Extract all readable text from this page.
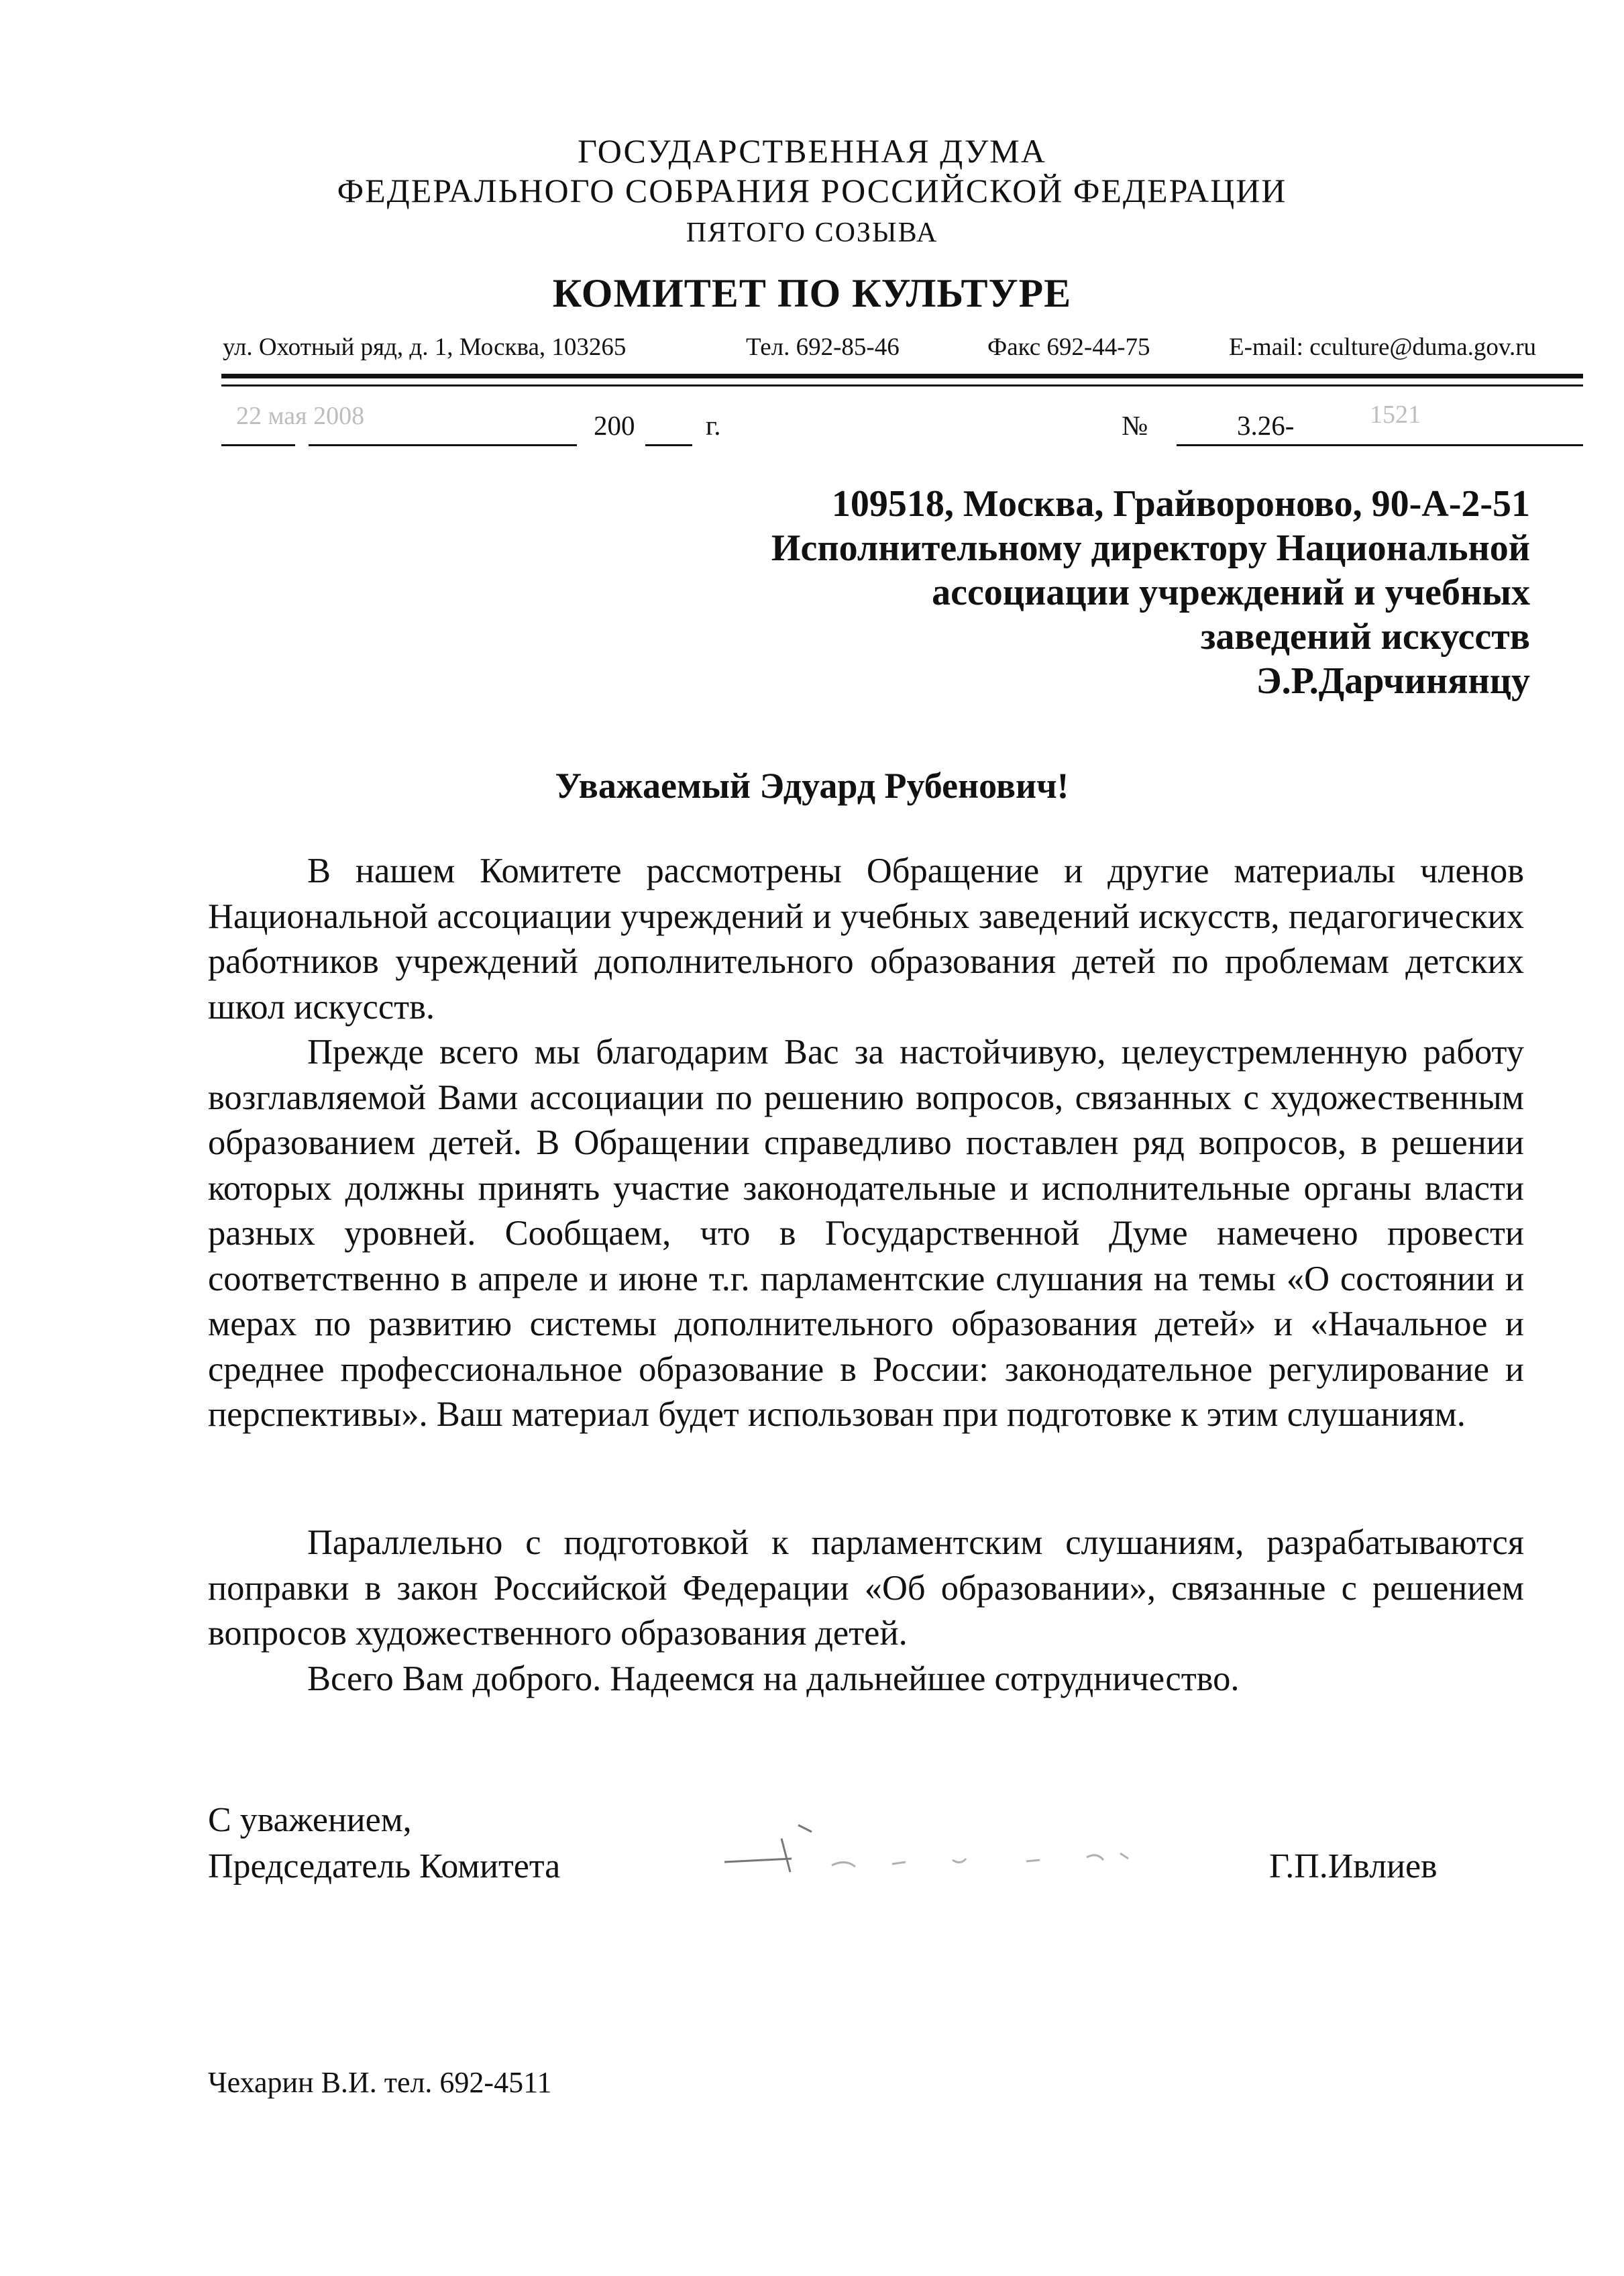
ГОСУДАРСТВЕННАЯ ДУМА
ФЕДЕРАЛЬНОГО СОБРАНИЯ РОССИЙСКОЙ ФЕДЕРАЦИИ
ПЯТОГО СОЗЫВА
КОМИТЕТ ПО КУЛЬТУРЕ
ул. Охотный ряд, д. 1, Москва, 103265	Тел. 692-85-46	Факс 692-44-75	E-mail: cculture@duma.gov.ru
22 мая 2008	200	г.	№	3.26-	1521
109518, Москва, Грайвороново, 90-А-2-51
Исполнительному директору Национальной
ассоциации учреждений и учебных
заведений искусств
Э.Р.Дарчинянцу
Уважаемый Эдуард Рубенович!

В нашем Комитете рассмотрены Обращение и другие материалы членов Национальной ассоциации учреждений и учебных заведений искусств, педагогических работников учреждений дополнительного образования детей по проблемам детских школ искусств.

Прежде всего мы благодарим Вас за настойчивую, целеустремленную работу возглавляемой Вами ассоциации по решению вопросов, связанных с художественным образованием детей. В Обращении справедливо поставлен ряд вопросов, в решении которых должны принять участие законодательные и исполнительные органы власти разных уровней. Сообщаем, что в Государственной Думе намечено провести соответственно в апреле и июне т.г. парламентские слушания на темы «О состоянии и мерах по развитию системы дополнительного образования детей» и «Начальное и среднее профессиональное образование в России: законодательное регулирование и перспективы». Ваш материал будет использован при подготовке к этим слушаниям.

Параллельно с подготовкой к парламентским слушаниям, разрабатываются поправки в закон Российской Федерации «Об образовании», связанные с решением вопросов художественного образования детей.

Всего Вам доброго. Надеемся на дальнейшее сотрудничество.

С уважением,
Председатель Комитета	Г.П.Ивлиев
Чехарин В.И. тел. 692-4511
